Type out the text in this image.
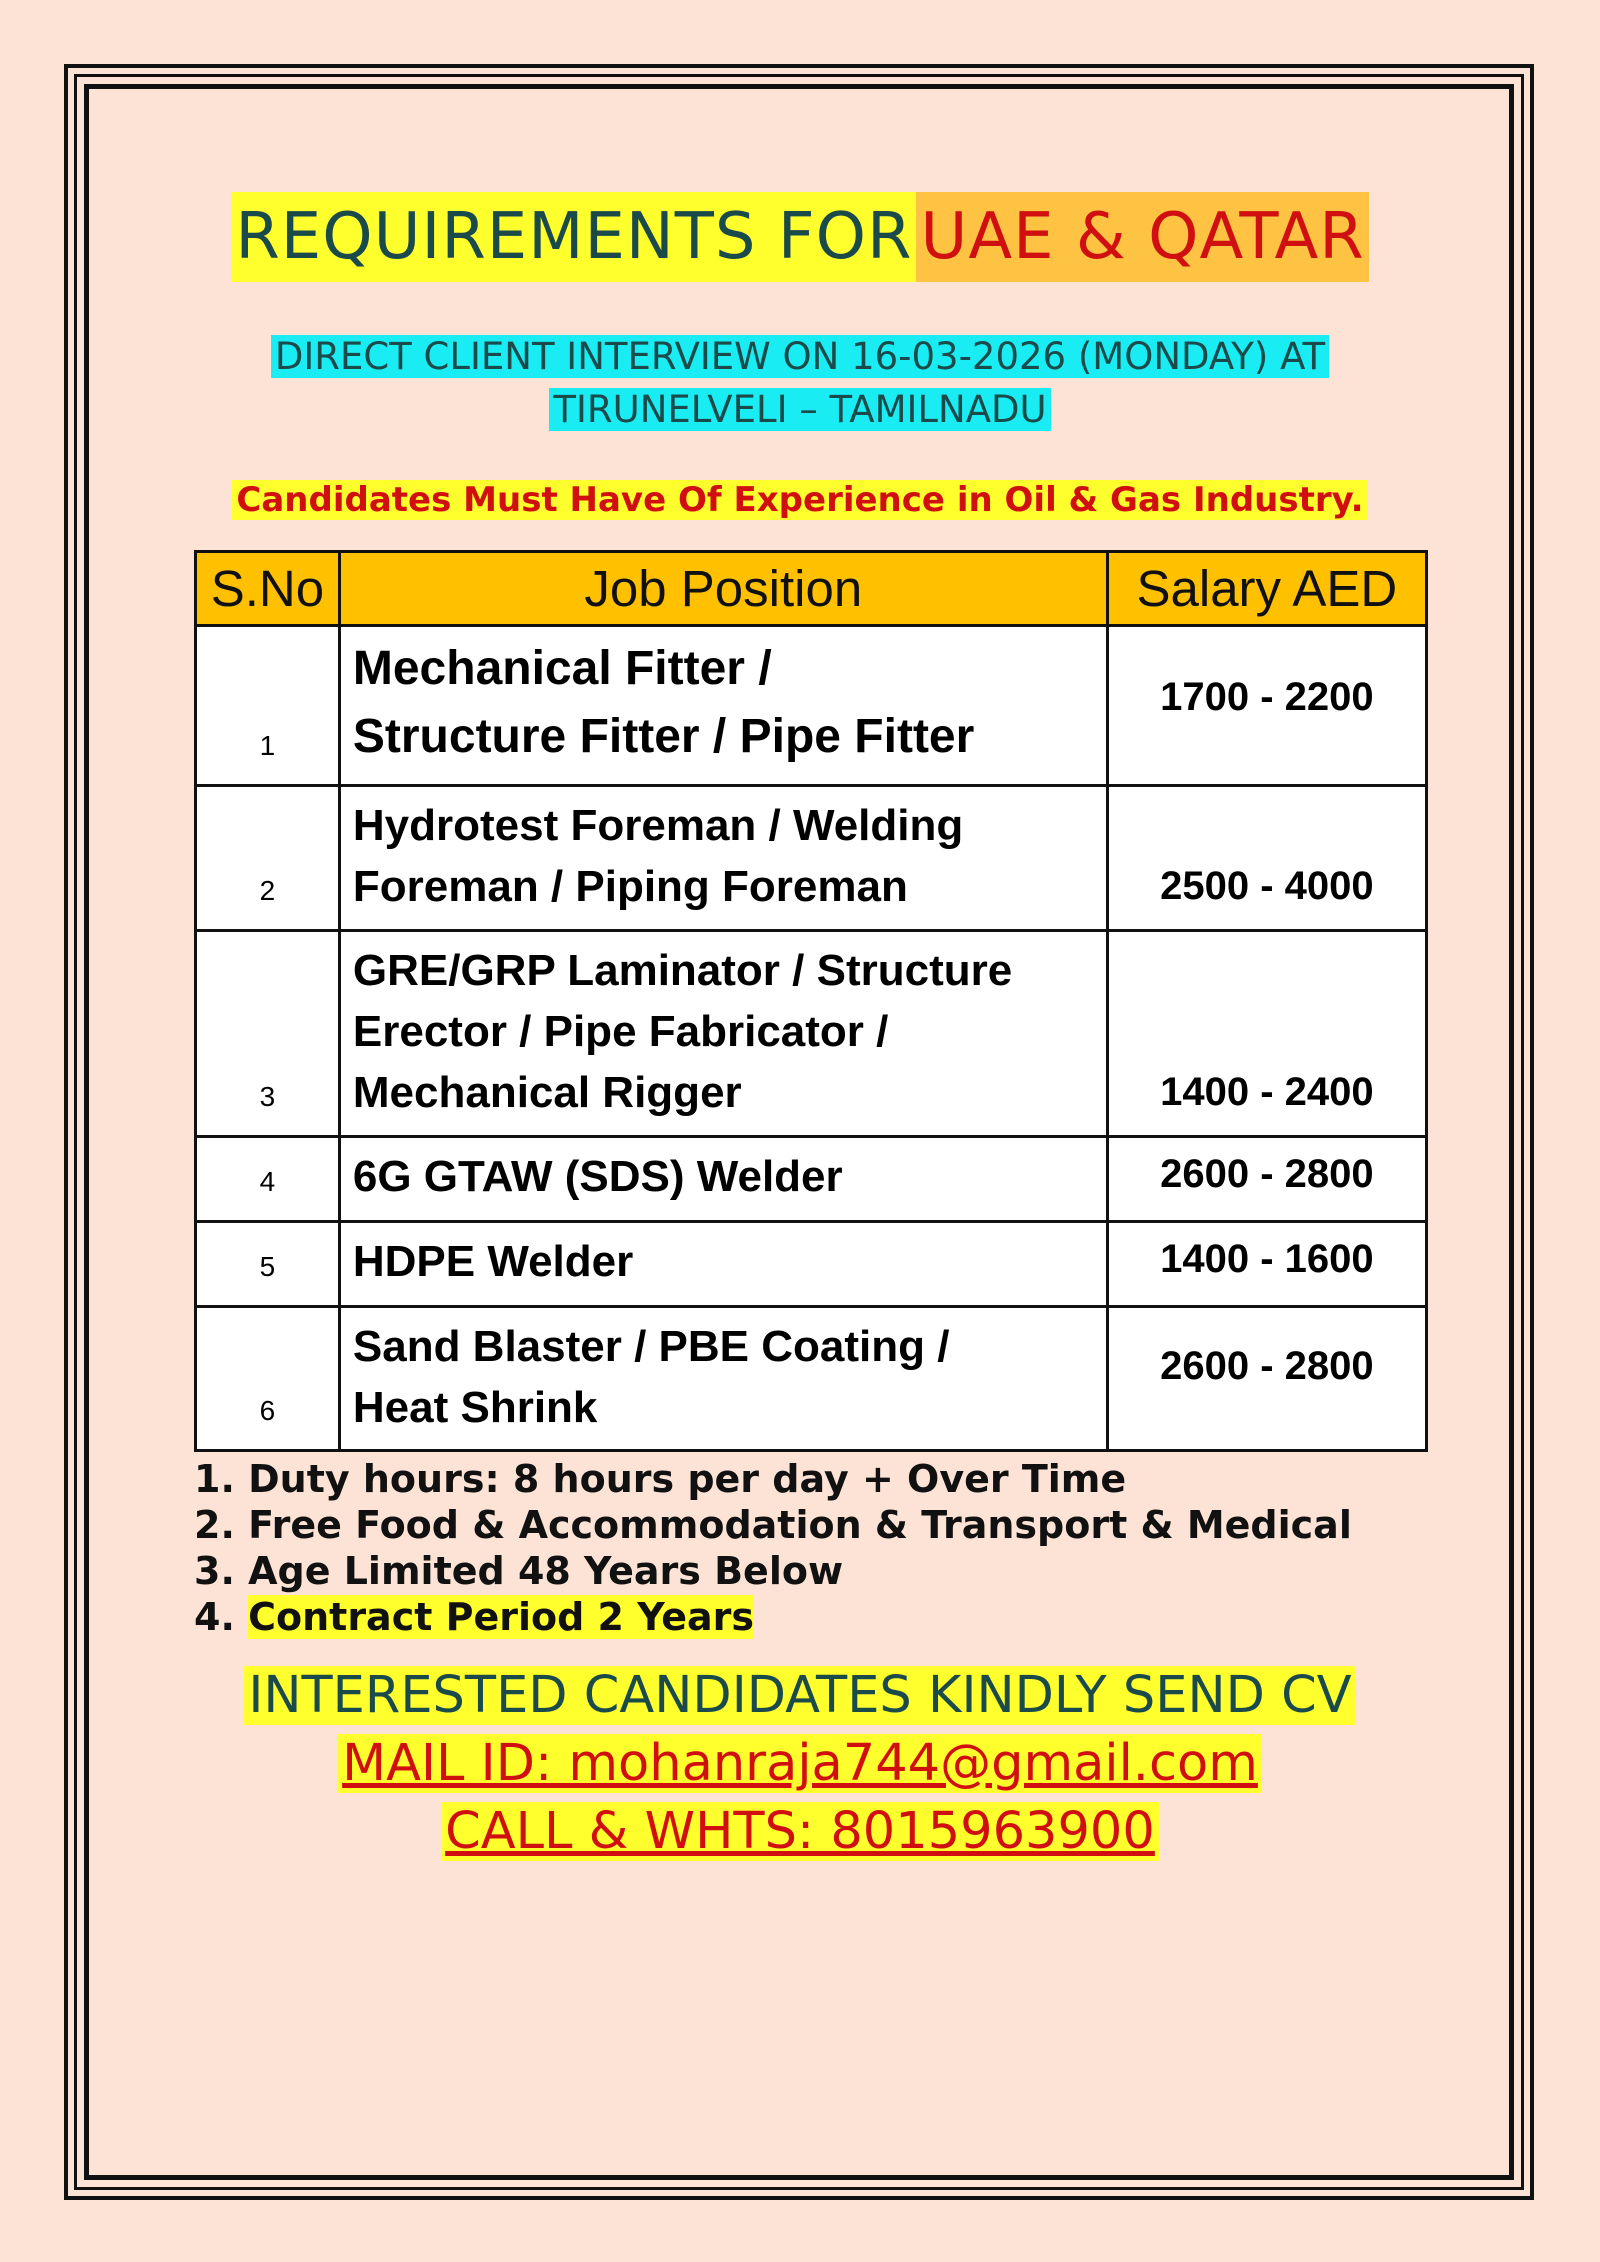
REQUIREMENTS FORUAE & QATAR
DIRECT CLIENT INTERVIEW ON 16-03-2026 (MONDAY) AT
TIRUNELVELI – TAMILNADU
Candidates Must Have Of Experience in Oil & Gas Industry.
S.No	Job Position	Salary AED
1	Mechanical Fitter /
Structure Fitter / Pipe Fitter	1700 - 2200
2	Hydrotest Foreman / Welding
Foreman / Piping Foreman	2500 - 4000
3	GRE/GRP Laminator / Structure
Erector / Pipe Fabricator /
Mechanical Rigger	1400 - 2400
4	6G GTAW (SDS) Welder	2600 - 2800
5	HDPE Welder	1400 - 1600
6	Sand Blaster / PBE Coating /
Heat Shrink	2600 - 2800
1. Duty hours: 8 hours per day + Over Time
2. Free Food & Accommodation & Transport & Medical
3. Age Limited 48 Years Below
4. Contract Period 2 Years
INTERESTED CANDIDATES KINDLY SEND CV
MAIL ID: mohanraja744@gmail.com
CALL & WHTS: 8015963900
